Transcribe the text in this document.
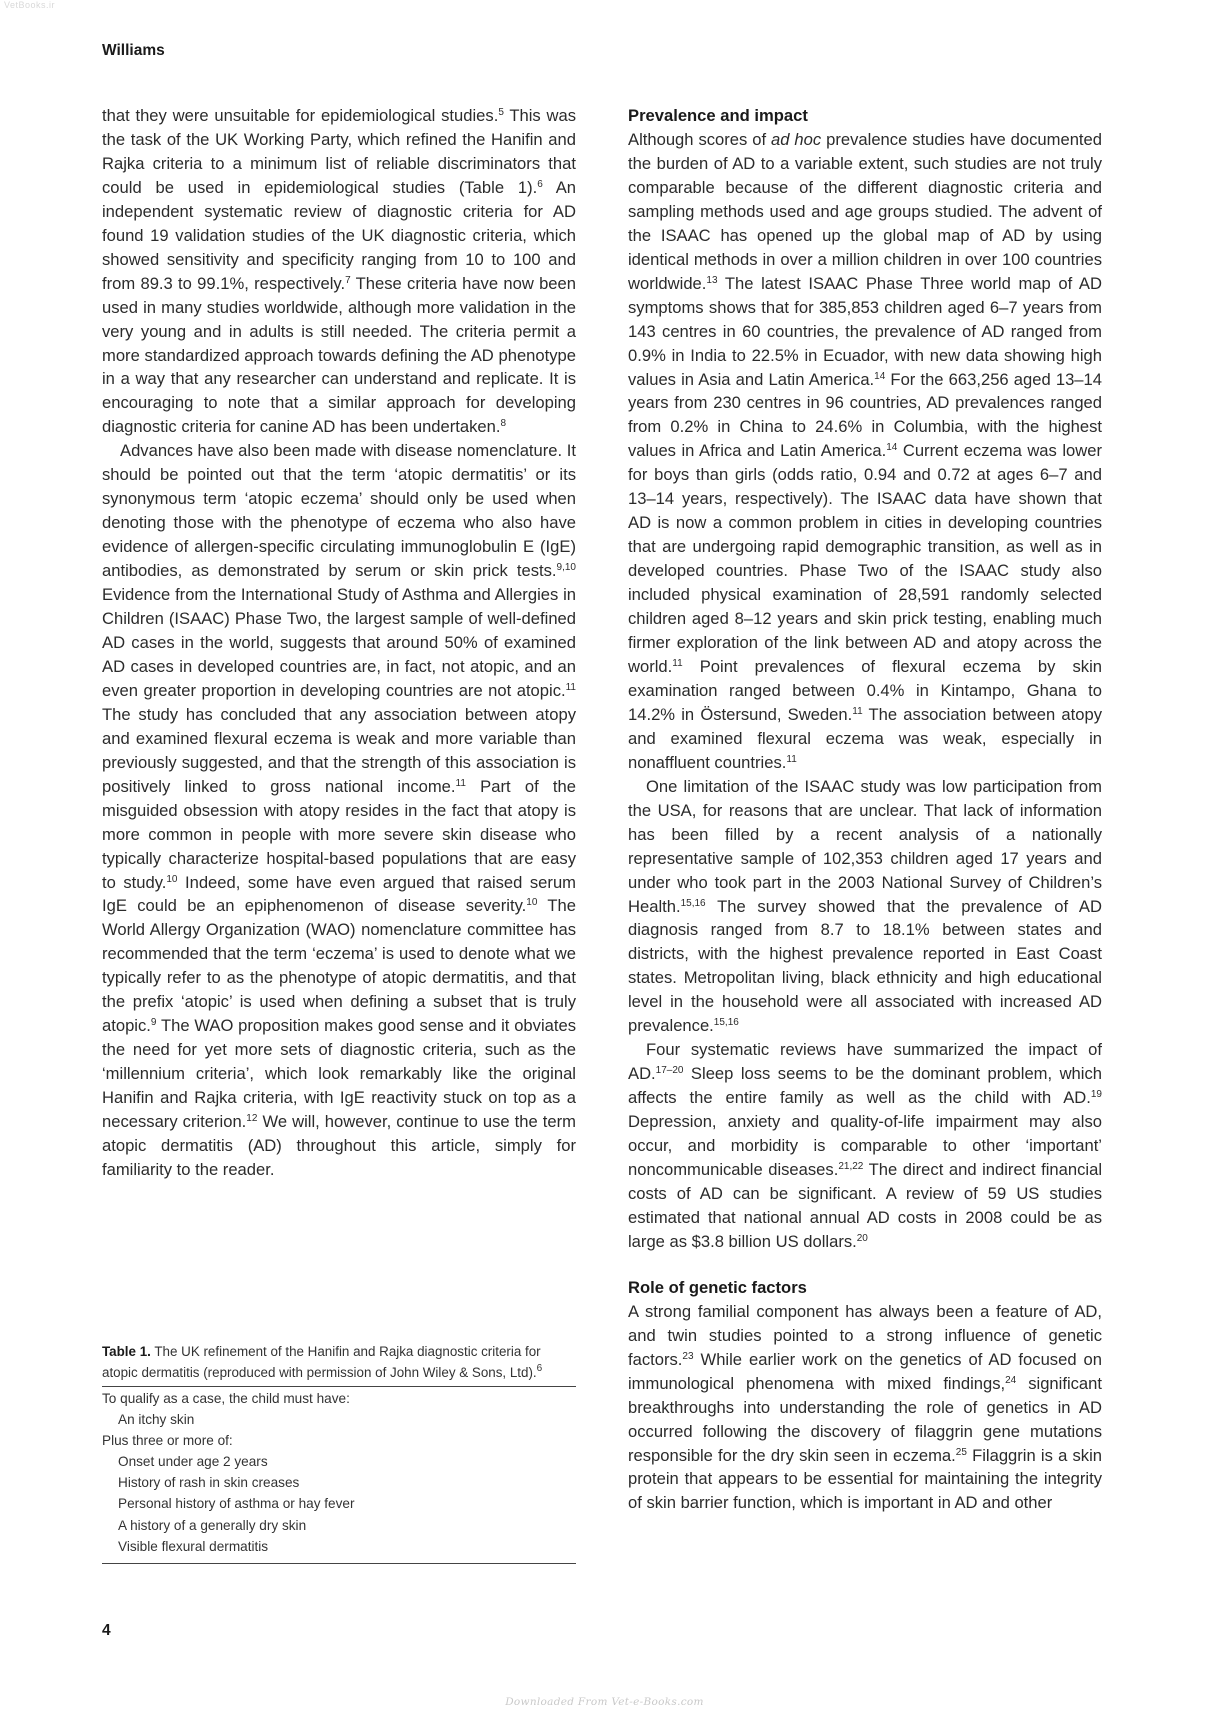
VetBooks.ir
Williams

that they were unsuitable for epidemiological studies.$^5$ This was the task of the UK Working Party, which refined the Hanifin and Rajka criteria to a minimum list of reliable discriminators that could be used in epidemiological studies (Table 1).$^6$ An independent systematic review of diagnostic criteria for AD found 19 validation studies of the UK diagnostic criteria, which showed sensitivity and specificity ranging from 10 to 100 and from 89.3 to 99.1%, respectively.$^7$ These criteria have now been used in many studies worldwide, although more validation in the very young and in adults is still needed. The criteria permit a more standardized approach towards defining the AD phenotype in a way that any researcher can understand and replicate. It is encouraging to note that a similar approach for developing diagnostic criteria for canine AD has been undertaken.$^8$

Advances have also been made with disease nomenclature. It should be pointed out that the term ‘atopic dermatitis’ or its synonymous term ‘atopic eczema’ should only be used when denoting those with the phenotype of eczema who also have evidence of allergen-specific circulating immunoglobulin E (IgE) antibodies, as demonstrated by serum or skin prick tests.$^{9,10}$ Evidence from the International Study of Asthma and Allergies in Children (ISAAC) Phase Two, the largest sample of well-defined AD cases in the world, suggests that around 50% of examined AD cases in developed countries are, in fact, not atopic, and an even greater proportion in developing countries are not atopic.$^{11}$ The study has concluded that any association between atopy and examined flexural eczema is weak and more variable than previously suggested, and that the strength of this association is positively linked to gross national income.$^{11}$ Part of the misguided obsession with atopy resides in the fact that atopy is more common in people with more severe skin disease who typically characterize hospital-based populations that are easy to study.$^{10}$ Indeed, some have even argued that raised serum IgE could be an epiphenomenon of disease severity.$^{10}$ The World Allergy Organization (WAO) nomenclature committee has recommended that the term ‘eczema’ is used to denote what we typically refer to as the phenotype of atopic dermatitis, and that the prefix ‘atopic’ is used when defining a subset that is truly atopic.$^9$ The WAO proposition makes good sense and it obviates the need for yet more sets of diagnostic criteria, such as the ‘millennium criteria’, which look remarkably like the original Hanifin and Rajka criteria, with IgE reactivity stuck on top as a necessary criterion.$^{12}$ We will, however, continue to use the term atopic dermatitis (AD) throughout this article, simply for familiarity to the reader.

Table 1. The UK refinement of the Hanifin and Rajka diagnostic criteria for atopic dermatitis (reproduced with permission of John Wiley & Sons, Ltd).$^6$
To qualify as a case, the child must have:
An itchy skin
Plus three or more of:
Onset under age 2 years
History of rash in skin creases
Personal history of asthma or hay fever
A history of a generally dry skin
Visible flexural dermatitis
Prevalence and impact

Although scores of ad hoc prevalence studies have documented the burden of AD to a variable extent, such studies are not truly comparable because of the different diagnostic criteria and sampling methods used and age groups studied. The advent of the ISAAC has opened up the global map of AD by using identical methods in over a million children in over 100 countries worldwide.$^{13}$ The latest ISAAC Phase Three world map of AD symptoms shows that for 385,853 children aged 6–7 years from 143 centres in 60 countries, the prevalence of AD ranged from 0.9% in India to 22.5% in Ecuador, with new data showing high values in Asia and Latin America.$^{14}$ For the 663,256 aged 13–14 years from 230 centres in 96 countries, AD prevalences ranged from 0.2% in China to 24.6% in Columbia, with the highest values in Africa and Latin America.$^{14}$ Current eczema was lower for boys than girls (odds ratio, 0.94 and 0.72 at ages 6–7 and 13–14 years, respectively). The ISAAC data have shown that AD is now a common problem in cities in developing countries that are undergoing rapid demographic transition, as well as in developed countries. Phase Two of the ISAAC study also included physical examination of 28,591 randomly selected children aged 8–12 years and skin prick testing, enabling much firmer exploration of the link between AD and atopy across the world.$^{11}$ Point prevalences of flexural eczema by skin examination ranged between 0.4% in Kintampo, Ghana to 14.2% in Östersund, Sweden.$^{11}$ The association between atopy and examined flexural eczema was weak, especially in nonaffluent countries.$^{11}$

One limitation of the ISAAC study was low participation from the USA, for reasons that are unclear. That lack of information has been filled by a recent analysis of a nationally representative sample of 102,353 children aged 17 years and under who took part in the 2003 National Survey of Children’s Health.$^{15,16}$ The survey showed that the prevalence of AD diagnosis ranged from 8.7 to 18.1% between states and districts, with the highest prevalence reported in East Coast states. Metropolitan living, black ethnicity and high educational level in the household were all associated with increased AD prevalence.$^{15,16}$

Four systematic reviews have summarized the impact of AD.$^{17-20}$ Sleep loss seems to be the dominant problem, which affects the entire family as well as the child with AD.$^{19}$ Depression, anxiety and quality-of-life impairment may also occur, and morbidity is comparable to other ‘important’ noncommunicable diseases.$^{21,22}$ The direct and indirect financial costs of AD can be significant. A review of 59 US studies estimated that national annual AD costs in 2008 could be as large as $3.8 billion US dollars.$^{20}$

Role of genetic factors

A strong familial component has always been a feature of AD, and twin studies pointed to a strong influence of genetic factors.$^{23}$ While earlier work on the genetics of AD focused on immunological phenomena with mixed findings,$^{24}$ significant breakthroughs into understanding the role of genetics in AD occurred following the discovery of filaggrin gene mutations responsible for the dry skin seen in eczema.$^{25}$ Filaggrin is a skin protein that appears to be essential for maintaining the integrity of skin barrier function, which is important in AD and other

4
Downloaded From Vet-e-Books.com
